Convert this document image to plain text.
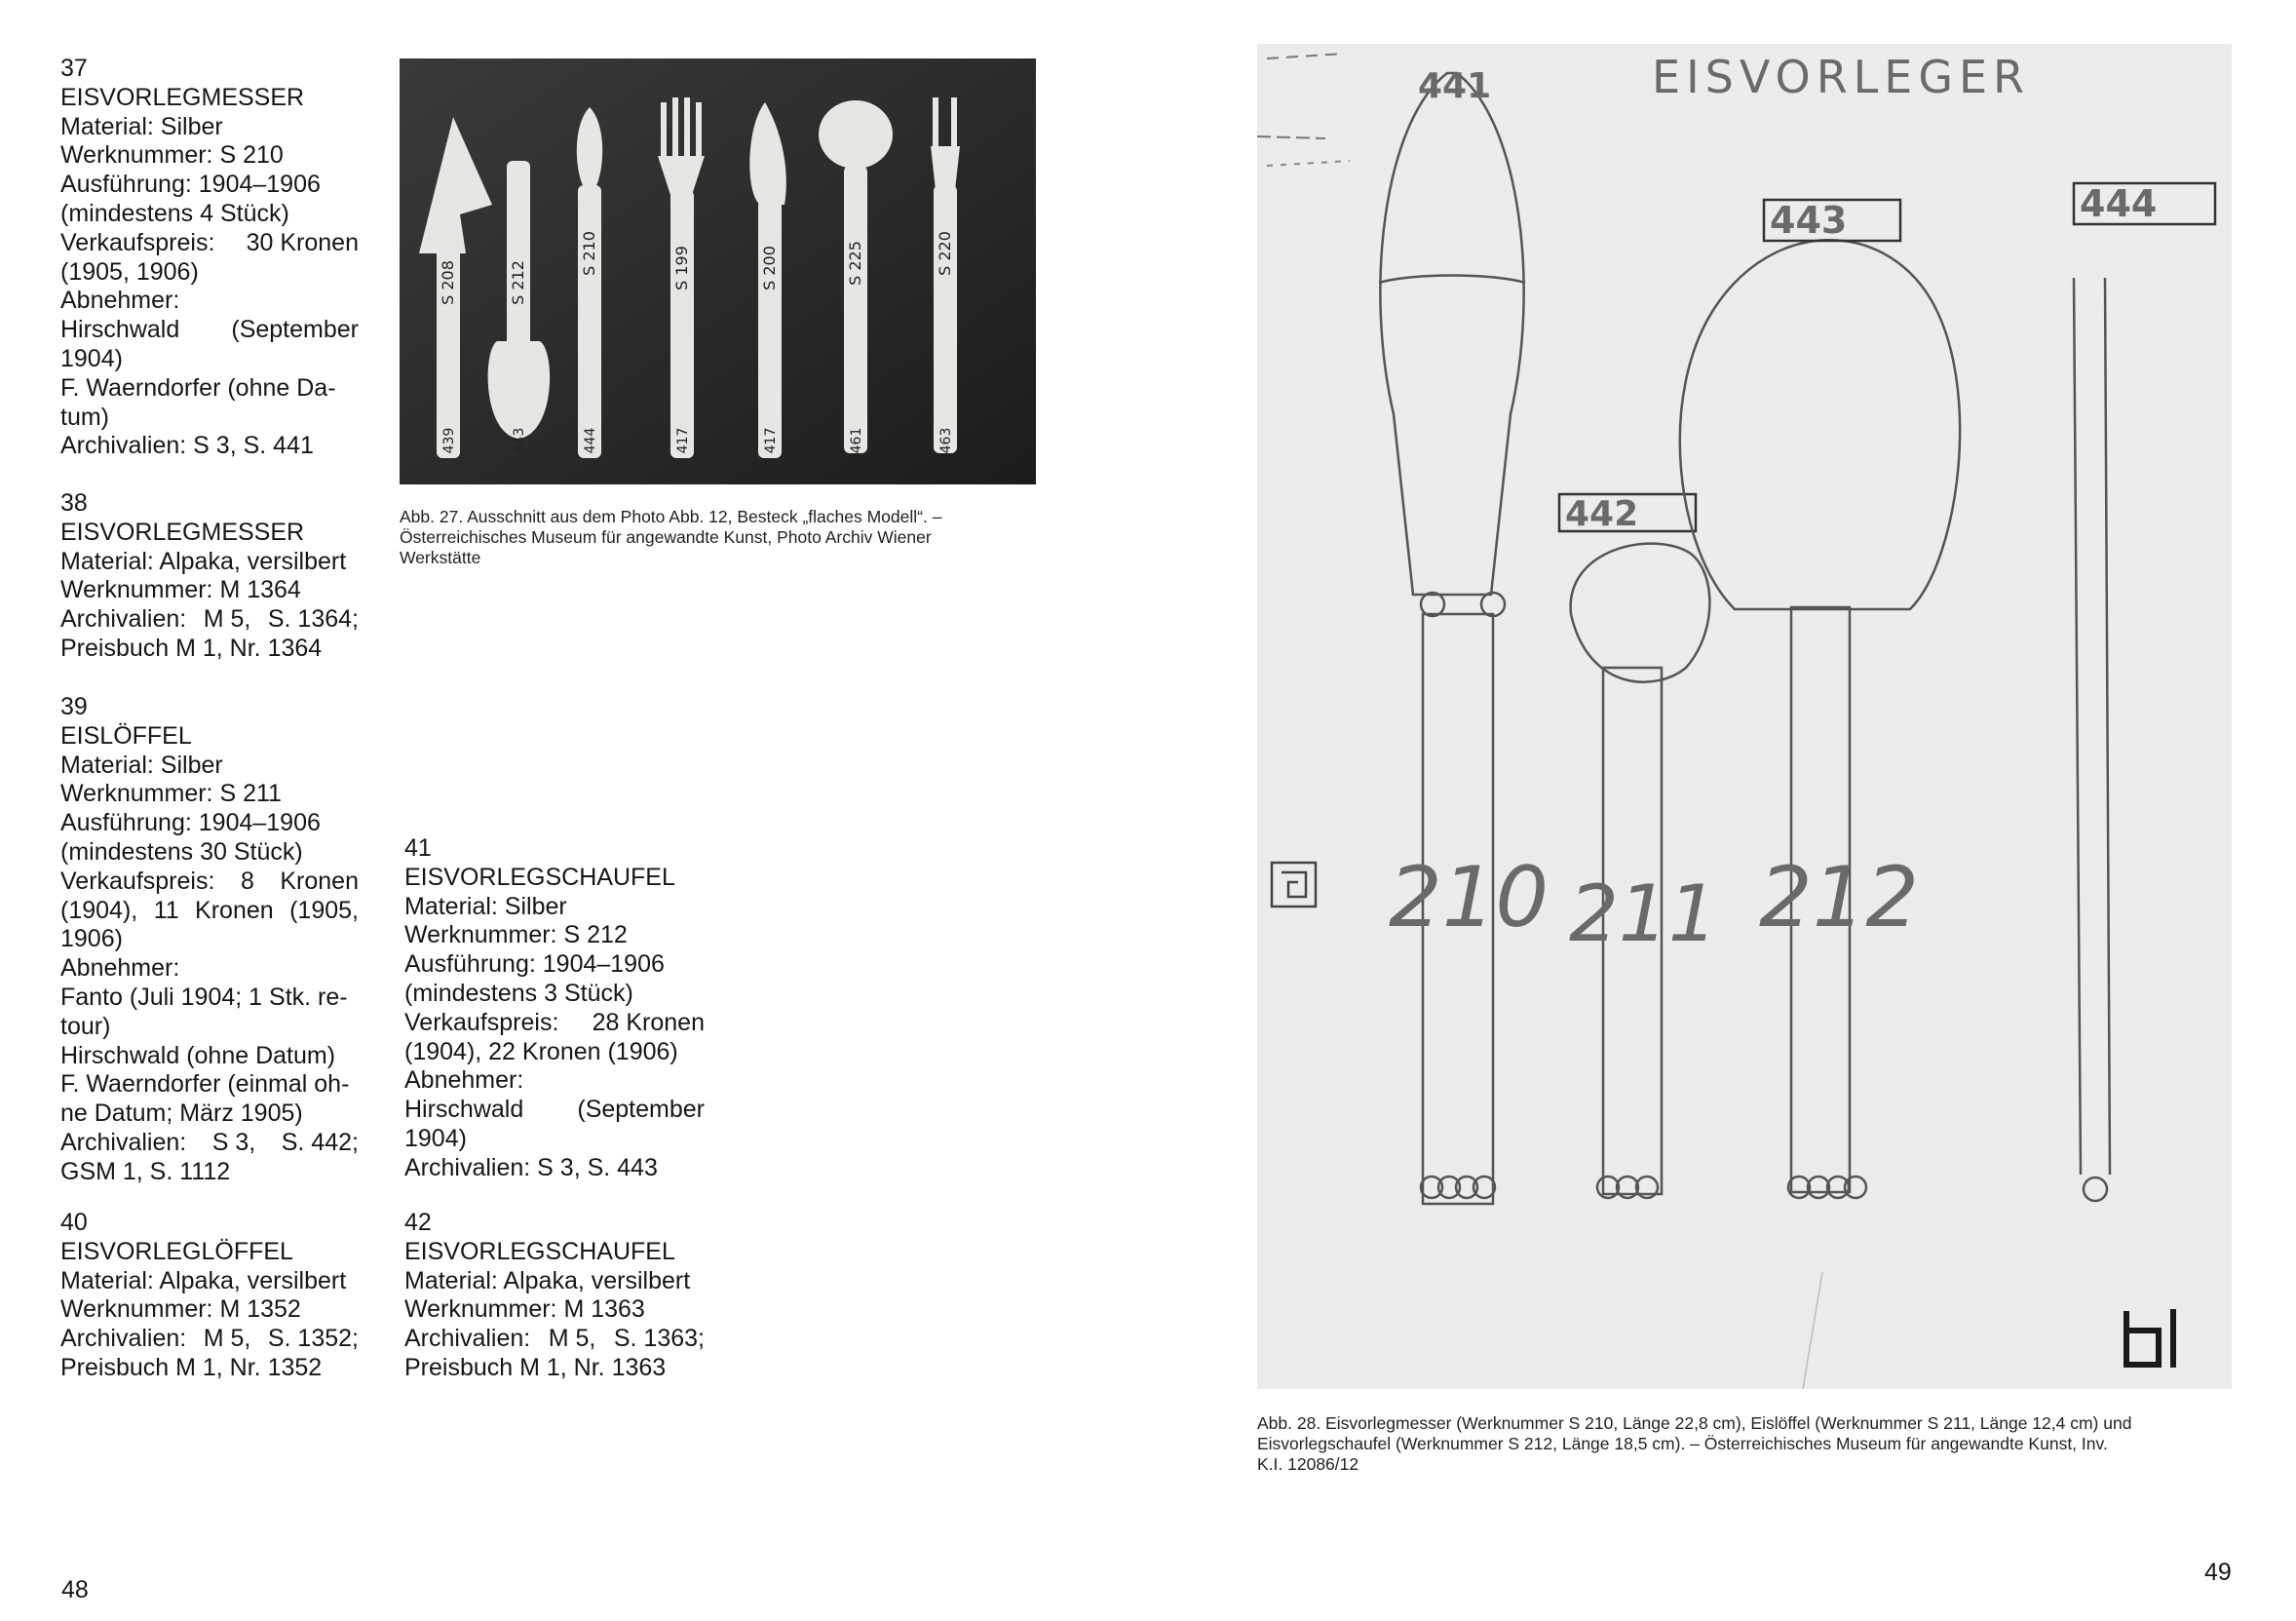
37
EISVORLEGMESSER
Material: Silber
Werknummer: S 210
Ausführung: 1904–1906
(mindestens 4 Stück)
Verkaufspreis: 30 Kronen
(1905, 1906)
Abnehmer:
Hirschwald (September
1904)
F. Waerndorfer (ohne Da-
tum)
Archivalien: S 3, S. 441
38
EISVORLEGMESSER
Material: Alpaka, versilbert
Werknummer: M 1364
Archivalien: M 5, S. 1364;
Preisbuch M 1, Nr. 1364
39
EISLÖFFEL
Material: Silber
Werknummer: S 211
Ausführung: 1904–1906
(mindestens 30 Stück)
Verkaufspreis: 8 Kronen
(1904), 11 Kronen (1905,
1906)
Abnehmer:
Fanto (Juli 1904; 1 Stk. re-
tour)
Hirschwald (ohne Datum)
F. Waerndorfer (einmal oh-
ne Datum; März 1905)
Archivalien: S 3, S. 442;
GSM 1, S. 1112
40
EISVORLEGLÖFFEL
Material: Alpaka, versilbert
Werknummer: M 1352
Archivalien: M 5, S. 1352;
Preisbuch M 1, Nr. 1352
S 208	S 212
S 210	S 199	S 200	S 225	S 220
439	443	444	417	417	461	463
Abb. 27. Ausschnitt aus dem Photo Abb. 12, Besteck „flaches Modell“. –
Österreichisches Museum für angewandte Kunst, Photo Archiv Wiener
Werkstätte
41
EISVORLEGSCHAUFEL
Material: Silber
Werknummer: S 212
Ausführung: 1904–1906
(mindestens 3 Stück)
Verkaufspreis: 28 Kronen
(1904), 22 Kronen (1906)
Abnehmer:
Hirschwald (September
1904)
Archivalien: S 3, S. 443
42
EISVORLEGSCHAUFEL
Material: Alpaka, versilbert
Werknummer: M 1363
Archivalien: M 5, S. 1363;
Preisbuch M 1, Nr. 1363
48
EISVORLEGER
441
442
443	444
210 211 212
Abb. 28. Eisvorlegmesser (Werknummer S 210, Länge 22,8 cm), Eislöffel (Werknummer S 211, Länge 12,4 cm) und
Eisvorlegschaufel (Werknummer S 212, Länge 18,5 cm). – Österreichisches Museum für angewandte Kunst, Inv.
K.I. 12086/12
49
